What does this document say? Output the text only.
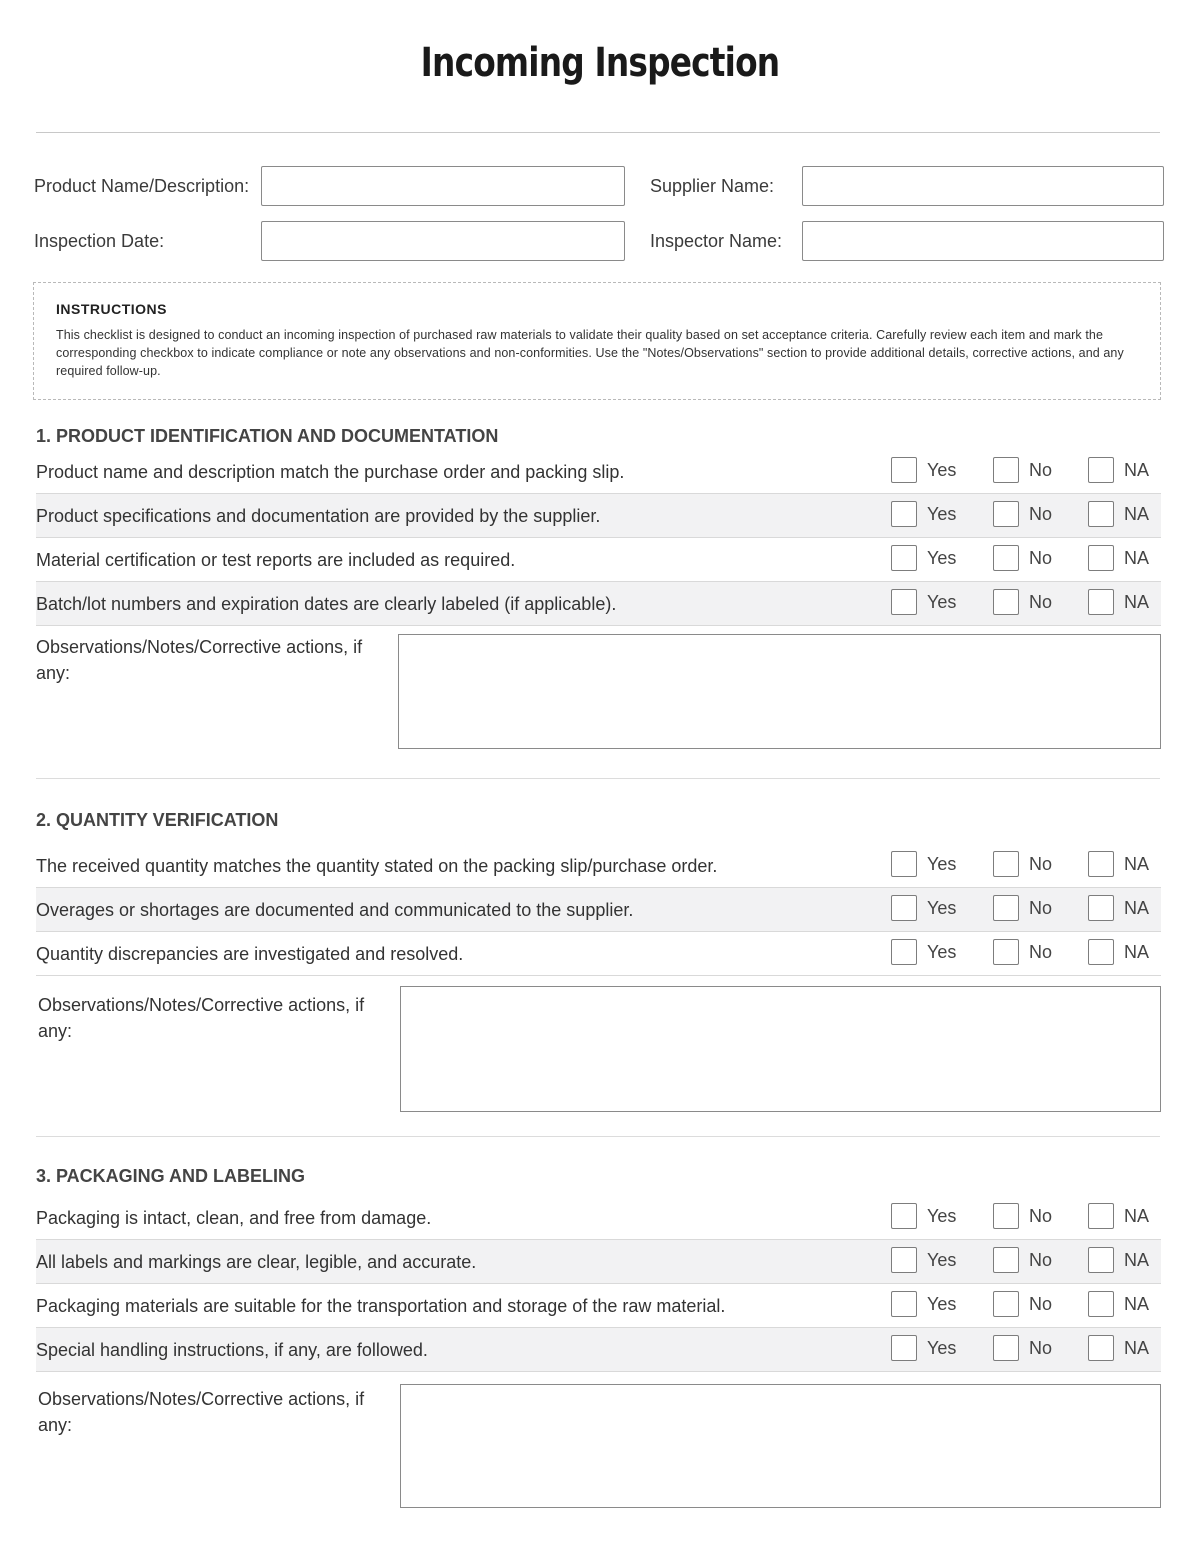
Incoming Inspection
Product Name/Description:	Supplier Name:
Inspection Date:	Inspector Name:
INSTRUCTIONS
This checklist is designed to conduct an incoming inspection of purchased raw materials to validate their quality based on set acceptance criteria. Carefully review each item and mark the corresponding checkbox to indicate compliance or note any observations and non-conformities. Use the "Notes/Observations" section to provide additional details, corrective actions, and any required follow-up.
1. PRODUCT IDENTIFICATION AND DOCUMENTATION
Product name and description match the purchase order and packing slip.	Yes	No	NA
Product specifications and documentation are provided by the supplier.	Yes	No	NA
Material certification or test reports are included as required.	Yes	No	NA
Batch/lot numbers and expiration dates are clearly labeled (if applicable).	Yes	No	NA
Observations/Notes/Corrective actions, if any:
2. QUANTITY VERIFICATION
The received quantity matches the quantity stated on the packing slip/purchase order.	Yes	No	NA
Overages or shortages are documented and communicated to the supplier.	Yes	No	NA
Quantity discrepancies are investigated and resolved.	Yes	No	NA
Observations/Notes/Corrective actions, if any:
3. PACKAGING AND LABELING
Packaging is intact, clean, and free from damage.	Yes	No	NA
All labels and markings are clear, legible, and accurate.	Yes	No	NA
Packaging materials are suitable for the transportation and storage of the raw material.	Yes	No	NA
Special handling instructions, if any, are followed.	Yes	No	NA
Observations/Notes/Corrective actions, if any:
